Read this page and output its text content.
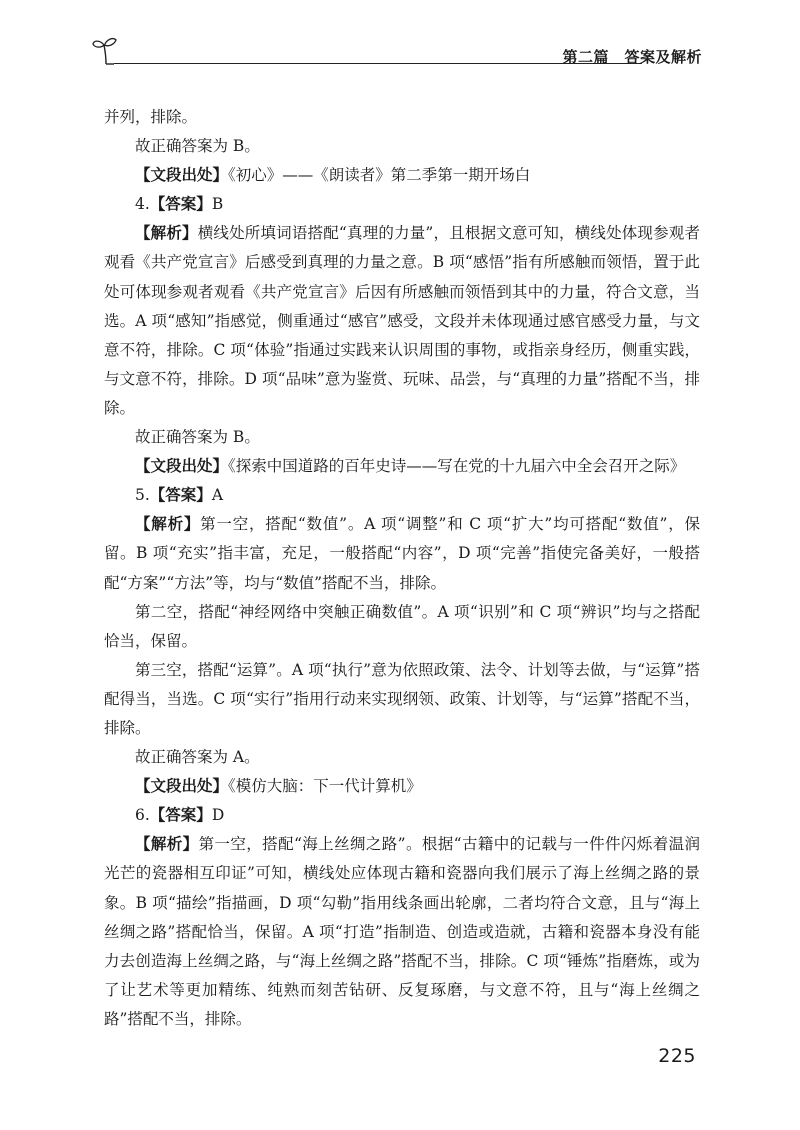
第二篇　答案及解析

并列，排除。

故正确答案为 B。

【文段出处】《初心》——《朗读者》第二季第一期开场白

4.【答案】B

【解析】横线处所填词语搭配“真理的力量”，且根据文意可知，横线处体现参观者观看《共产党宣言》后感受到真理的力量之意。B 项“感悟”指有所感触而领悟，置于此处可体现参观者观看《共产党宣言》后因有所感触而领悟到其中的力量，符合文意，当选。A 项“感知”指感觉，侧重通过“感官”感受，文段并未体现通过感官感受力量，与文意不符，排除。C 项“体验”指通过实践来认识周围的事物，或指亲身经历，侧重实践，与文意不符，排除。D 项“品味”意为鉴赏、玩味、品尝，与“真理的力量”搭配不当，排除。

故正确答案为 B。

【文段出处】《探索中国道路的百年史诗——写在党的十九届六中全会召开之际》

5.【答案】A

【解析】第一空，搭配“数值”。A 项“调整”和 C 项“扩大”均可搭配“数值”，保留。B 项“充实”指丰富，充足，一般搭配“内容”，D 项“完善”指使完备美好，一般搭配“方案”“方法”等，均与“数值”搭配不当，排除。

第二空，搭配“神经网络中突触正确数值”。A 项“识别”和 C 项“辨识”均与之搭配恰当，保留。

第三空，搭配“运算”。A 项“执行”意为依照政策、法令、计划等去做，与“运算”搭配得当，当选。C 项“实行”指用行动来实现纲领、政策、计划等，与“运算”搭配不当，排除。

故正确答案为 A。

【文段出处】《模仿大脑：下一代计算机》

6.【答案】D

【解析】第一空，搭配“海上丝绸之路”。根据“古籍中的记载与一件件闪烁着温润光芒的瓷器相互印证”可知，横线处应体现古籍和瓷器向我们展示了海上丝绸之路的景象。B 项“描绘”指描画，D 项“勾勒”指用线条画出轮廓，二者均符合文意，且与“海上丝绸之路”搭配恰当，保留。A 项“打造”指制造、创造或造就，古籍和瓷器本身没有能力去创造海上丝绸之路，与“海上丝绸之路”搭配不当，排除。C 项“锤炼”指磨炼，或为了让艺术等更加精练、纯熟而刻苦钻研、反复琢磨，与文意不符，且与“海上丝绸之路”搭配不当，排除。

225
